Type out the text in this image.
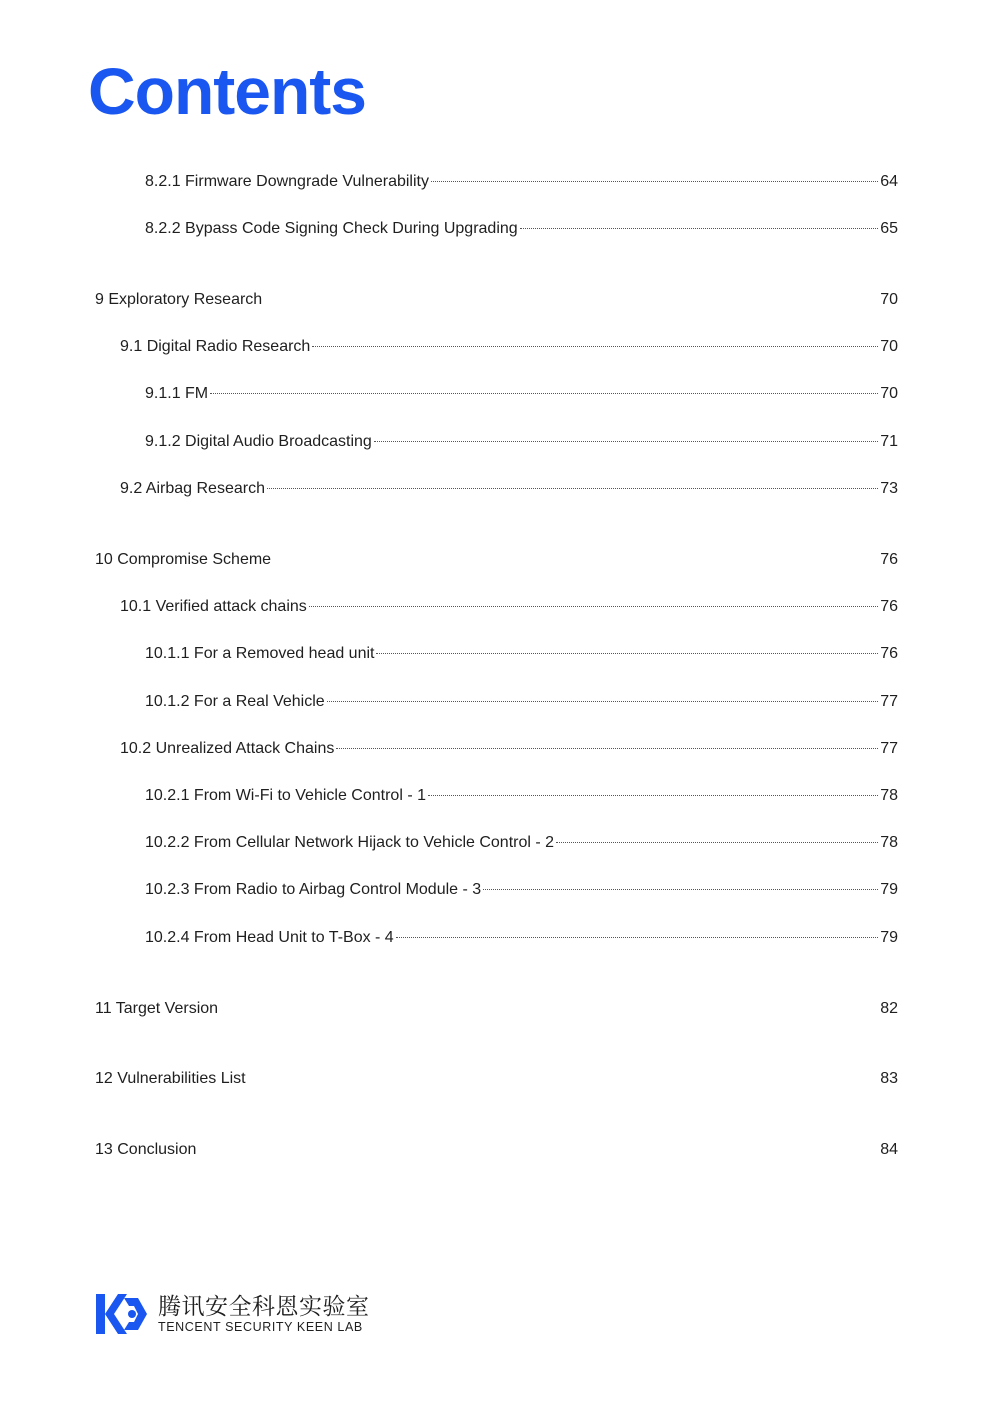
Contents
8.2.1 Firmware Downgrade Vulnerability	64
8.2.2 Bypass Code Signing Check During Upgrading	65
9 Exploratory Research	70
9.1 Digital Radio Research	70
9.1.1 FM	70
9.1.2 Digital Audio Broadcasting	71
9.2 Airbag Research	73
10 Compromise Scheme	76
10.1 Verified attack chains	76
10.1.1 For a Removed head unit	76
10.1.2 For a Real Vehicle	77
10.2 Unrealized Attack Chains	77
10.2.1 From Wi-Fi to Vehicle Control - 1	78
10.2.2 From Cellular Network Hijack to Vehicle Control - 2	78
10.2.3 From Radio to Airbag Control Module - 3	79
10.2.4 From Head Unit to T-Box - 4	79
11 Target Version	82
12 Vulnerabilities List	83
13 Conclusion	84
腾讯安全科恩实验室
TENCENT SECURITY KEEN LAB
